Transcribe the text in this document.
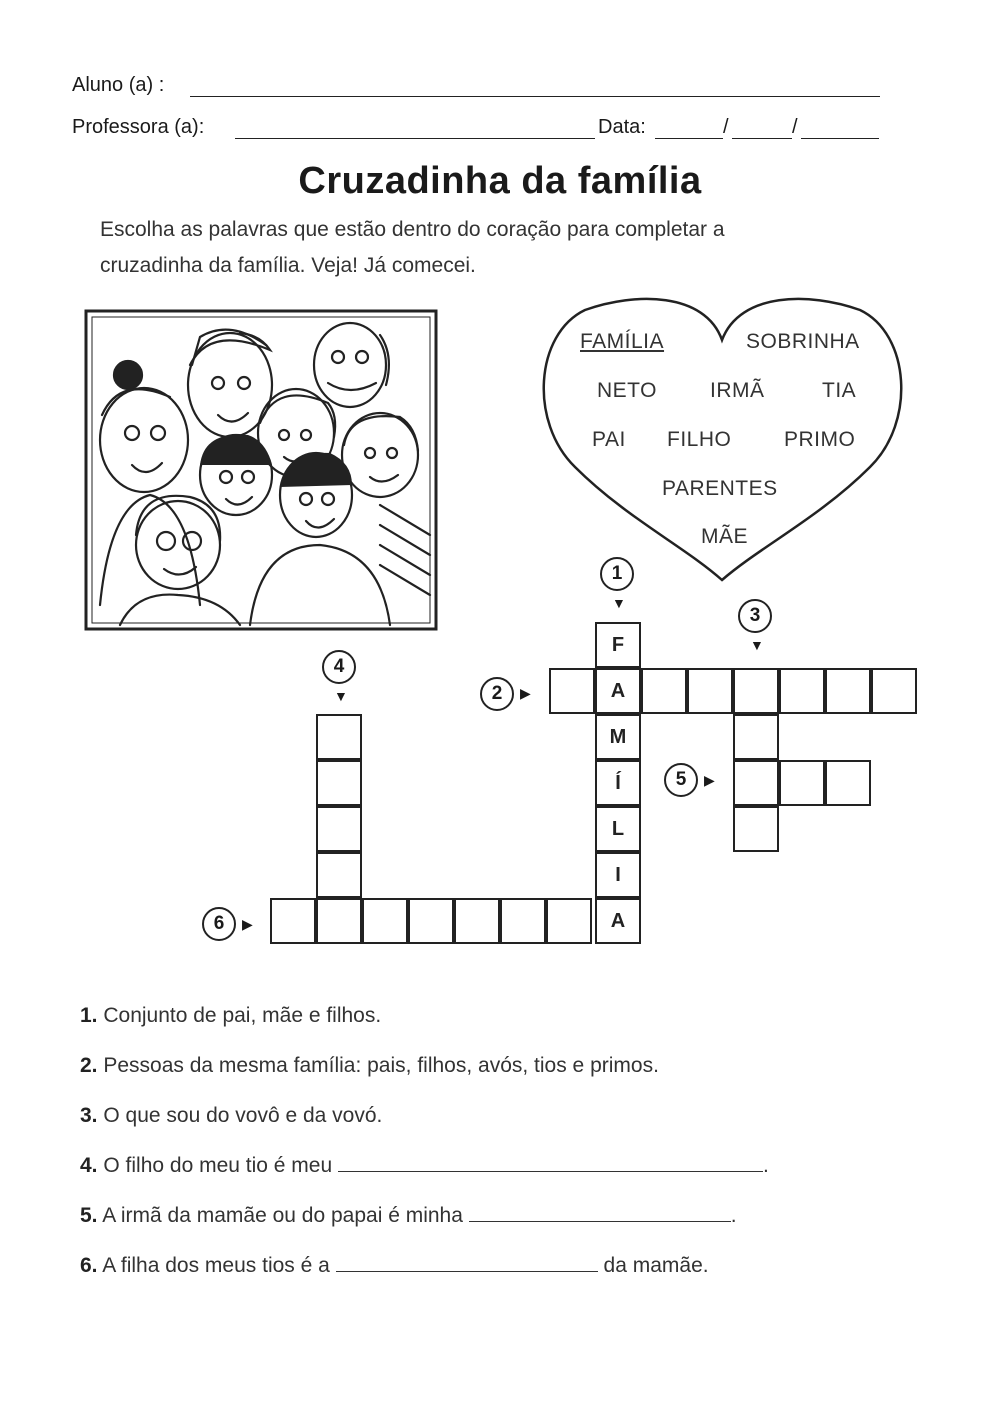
Aluno (a) :
Professora (a):	Data:	/	/
Cruzadinha da família
Escolha as palavras que estão dentro do coração para completar a
cruzadinha da família. Veja! Já comecei.
FAMÍLIA	SOBRINHA
NETO	IRMÃ	TIA
PAI FILHO	PRIMO
PARENTES
MÃE
1
▼
3
▼
4
▼	2	▶
5	▶
6	▶
F
A
M
Í
L
I
A
1. Conjunto de pai, mãe e filhos.
2. Pessoas da mesma família: pais, filhos, avós, tios e primos.
3. O que sou do vovô e da vovó.
4. O filho do meu tio é meu	.
5. A irmã da mamãe ou do papai é minha	.
6. A filha dos meus tios é a	da mamãe.
